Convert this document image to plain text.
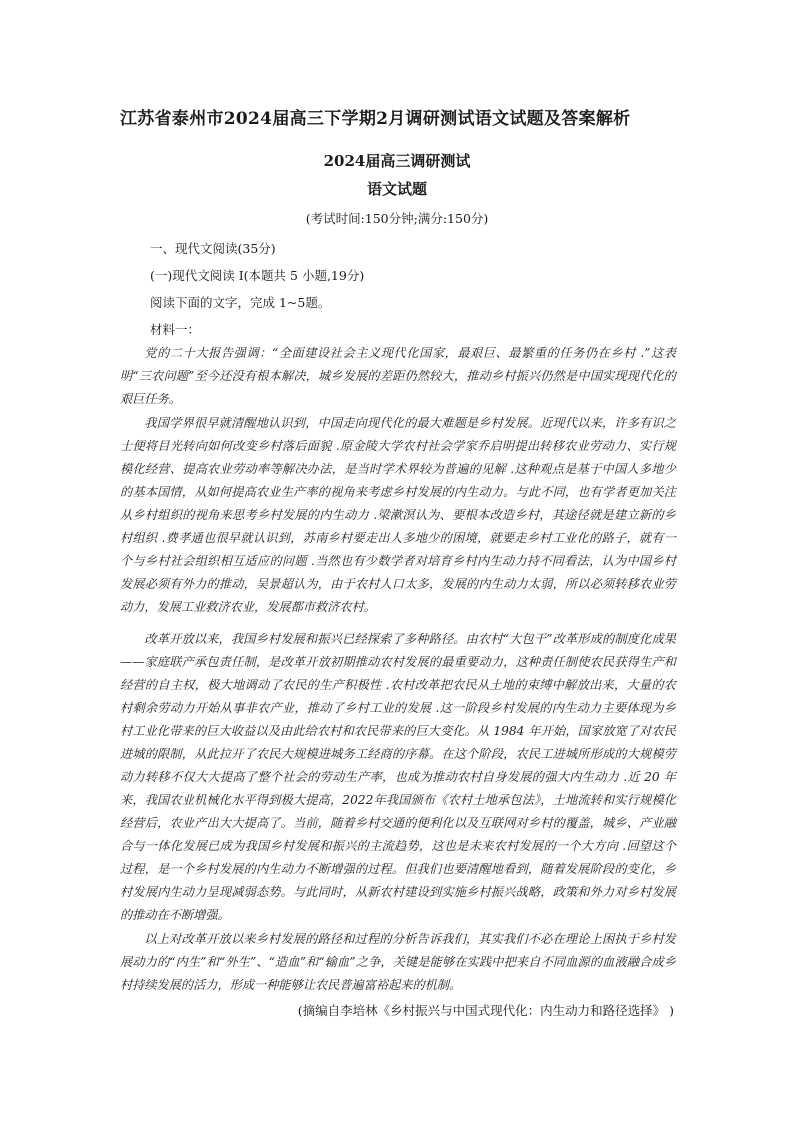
江苏省泰州市2024届高三下学期2月调研测试语文试题及答案解析
2024届高三调研测试
语文试题

(考试时间:150分钟;满分:150分)

一、现代文阅读(35分)

(一)现代文阅读 I(本题共 5 小题,19分)

阅读下面的文字，完成 1~5题。

材料一：

党的二十大报告强调：“全面建设社会主义现代化国家，最艰巨、最繁重的任务仍在乡村 .”这表明“三农问题”至今还没有根本解决，城乡发展的差距仍然较大，推动乡村振兴仍然是中国实现现代化的艰巨任务。

我国学界很早就清醒地认识到，中国走向现代化的最大难题是乡村发展。近现代以来，许多有识之士便将目光转向如何改变乡村落后面貌 .原金陵大学农村社会学家乔启明提出转移农业劳动力、实行规模化经营、提高农业劳动率等解决办法，是当时学术界较为普遍的见解 .这种观点是基于中国人多地少的基本国情，从如何提高农业生产率的视角来考虑乡村发展的内生动力。与此不同，也有学者更加关注从乡村组织的视角来思考乡村发展的内生动力 .梁漱溟认为、要根本改造乡村，其途径就是建立新的乡村组织 .费孝通也很早就认识到，苏南乡村要走出人多地少的困境，就要走乡村工业化的路子，就有一个与乡村社会组织相互适应的问题 .当然也有少数学者对培育乡村内生动力持不同看法，认为中国乡村发展必须有外力的推动，吴景超认为，由于农村人口太多，发展的内生动力太弱，所以必须转移农业劳动力，发展工业救济农业，发展都市救济农村。

改革开放以来，我国乡村发展和振兴已经探索了多种路径。由农村“大包干”改革形成的制度化成果——家庭联产承包责任制，是改革开放初期推动农村发展的最重要动力，这种责任制使农民获得生产和经营的自主权，极大地调动了农民的生产积极性 .农村改革把农民从土地的束缚中解放出来，大量的农村剩余劳动力开始从事非农产业，推动了乡村工业的发展 .这一阶段乡村发展的内生动力主要体现为乡村工业化带来的巨大收益以及由此给农村和农民带来的巨大变化。从 1984 年开始，国家放宽了对农民进城的限制，从此拉开了农民大规模进城务工经商的序幕。在这个阶段，农民工进城所形成的大规模劳动力转移不仅大大提高了整个社会的劳动生产率，也成为推动农村自身发展的强大内生动力 .近 20 年来，我国农业机械化水平得到极大提高，2022年我国颁布《农村土地承包法》，土地流转和实行规模化经营后，农业产出大大提高了。当前，随着乡村交通的便利化以及互联网对乡村的覆盖，城乡、产业融合与一体化发展已成为我国乡村发展和振兴的主流趋势，这也是未来农村发展的一个大方向 .回望这个过程，是一个乡村发展的内生动力不断增强的过程。但我们也要清醒地看到，随着发展阶段的变化，乡村发展内生动力呈现减弱态势。与此同时，从新农村建设到实施乡村振兴战略，政策和外力对乡村发展的推动在不断增强。

以上对改革开放以来乡村发展的路径和过程的分析告诉我们，其实我们不必在理论上困执于乡村发展动力的“内生”和“外生”、“造血”和“输血”之争，关键是能够在实践中把来自不同血源的血液融合成乡村持续发展的活力，形成一种能够让农民普遍富裕起来的机制。

(摘编自李培林《乡村振兴与中国式现代化：内生动力和路径选择》 )
